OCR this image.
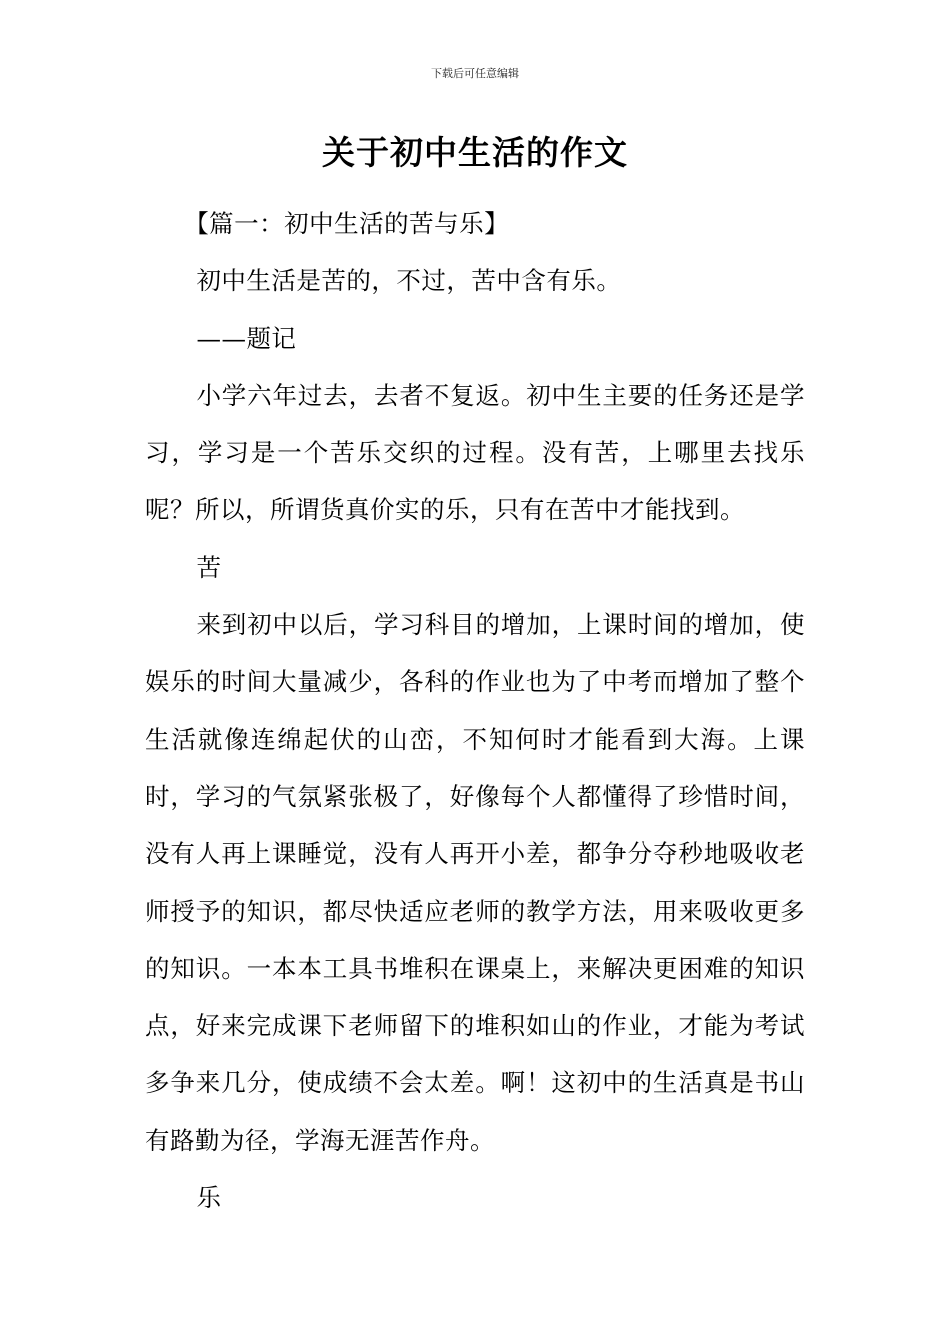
下载后可任意编辑
关于初中生活的作文

【篇一：初中生活的苦与乐】

初中生活是苦的，不过，苦中含有乐。

——题记

小学六年过去，去者不复返。初中生主要的任务还是学习，学习是一个苦乐交织的过程。没有苦，上哪里去找乐呢？所以，所谓货真价实的乐，只有在苦中才能找到。

苦

来到初中以后，学习科目的增加，上课时间的增加，使娱乐的时间大量减少，各科的作业也为了中考而增加了整个生活就像连绵起伏的山峦，不知何时才能看到大海。上课时，学习的气氛紧张极了，好像每个人都懂得了珍惜时间，没有人再上课睡觉，没有人再开小差，都争分夺秒地吸收老师授予的知识，都尽快适应老师的教学方法，用来吸收更多的知识。一本本工具书堆积在课桌上，来解决更困难的知识点，好来完成课下老师留下的堆积如山的作业，才能为考试多争来几分，使成绩不会太差。啊！这初中的生活真是书山有路勤为径，学海无涯苦作舟。

乐
